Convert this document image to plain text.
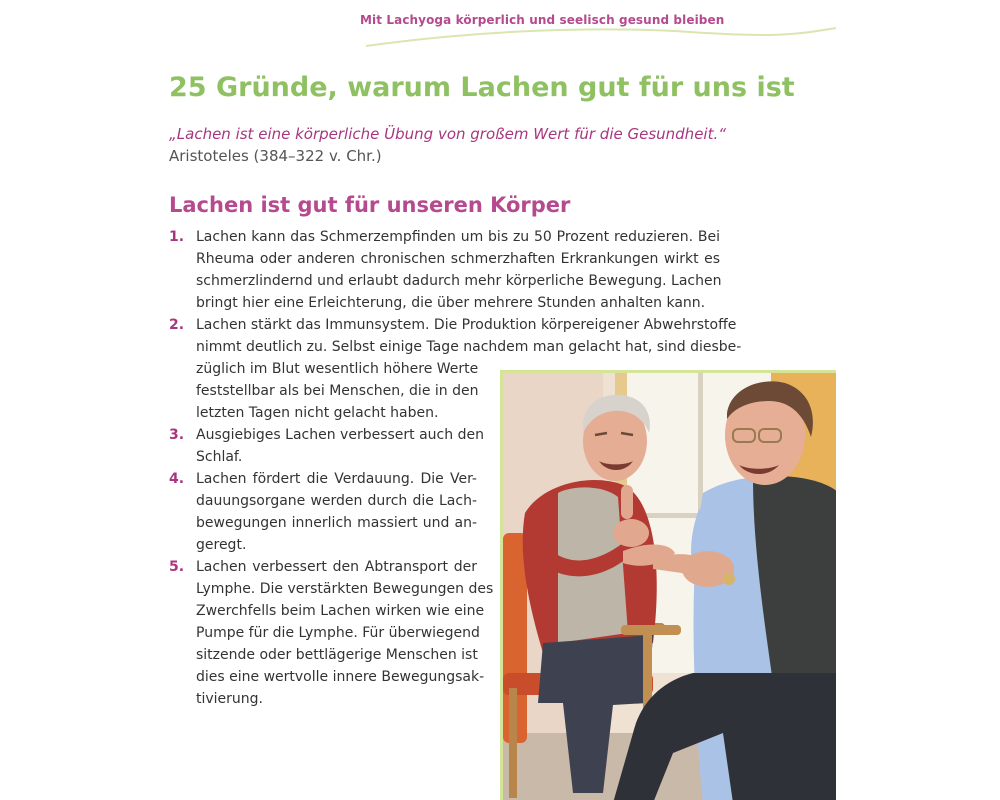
Mit Lachyoga körperlich und seelisch gesund bleiben
25 Gründe, warum Lachen gut für uns ist
„Lachen ist eine körperliche Übung von großem Wert für die Gesundheit.“
Aristoteles (384–322 v. Chr.)
Lachen ist gut für unseren Körper
1. Lachen kann das Schmerzempfinden um bis zu 50 Prozent reduzieren. Bei
Rheuma oder anderen chronischen schmerzhaften Erkrankungen wirkt es
schmerzlindernd und erlaubt dadurch mehr körperliche Bewegung. Lachen
bringt hier eine Erleichterung, die über mehrere Stunden anhalten kann.
2. Lachen stärkt das Immunsystem. Die Produktion körpereigener Abwehrstoffe
nimmt deutlich zu. Selbst einige Tage nachdem man gelacht hat, sind diesbe-
züglich im Blut wesentlich höhere Werte
feststellbar als bei Menschen, die in den
letzten Tagen nicht gelacht haben.
3. Ausgiebiges Lachen verbessert auch den
Schlaf.
4. Lachen fördert die Verdauung. Die Ver-
dauungsorgane werden durch die Lach-
bewegungen innerlich massiert und an-
geregt.
5. Lachen verbessert den Abtransport der
Lymphe. Die verstärkten Bewegungen des
Zwerchfells beim Lachen wirken wie eine
Pumpe für die Lymphe. Für überwiegend
sitzende oder bettlägerige Menschen ist
dies eine wertvolle innere Bewegungsak-
tivierung.
